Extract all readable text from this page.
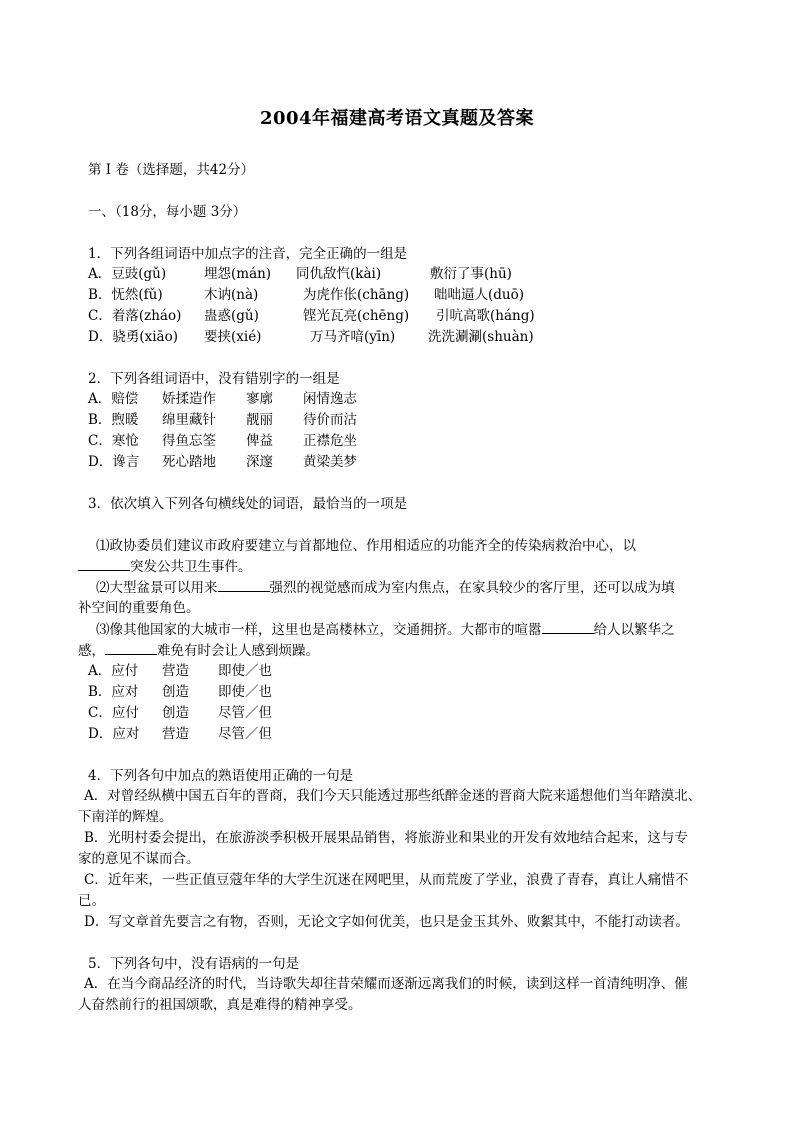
2004年福建高考语文真题及答案
第 I 卷（选择题，共42分）
一、（18分，每小题 3分）
1．下列各组词语中加点字的注音，完全正确的一组是
A．豆豉(gǔ)	埋怨(mán) 同仇敌忾(kài)	敷衍了事(hū)
B．怃然(fǔ)	木讷(nà)	为虎作伥(chāng) 咄咄逼人(duō)
C．着落(zháo) 蛊惑(gǔ)	铿光瓦亮(chēng) 引吭高歌(háng)
D．骁勇(xiāo) 要挟(xié)	万马齐喑(yīn) 洗洗涮涮(shuàn)
2．下列各组词语中，没有错别字的一组是
A．赔偿 娇揉造作 寥廓 闲情逸志
B．煦暖 绵里藏针 靓丽 待价而沽
C．寒怆 得鱼忘筌 俾益 正襟危坐
D．谗言 死心踏地 深邃 黄梁美梦
3．依次填入下列各句横线处的词语，最恰当的一项是
⑴政协委员们建议市政府要建立与首都地位、作用相适应的功能齐全的传染病救治中心，以
突发公共卫生事件。
⑵大型盆景可以用来	强烈的视觉感而成为室内焦点，在家具较少的客厅里，还可以成为填
补空间的重要角色。
⑶像其他国家的大城市一样，这里也是高楼林立，交通拥挤。大都市的喧嚣	给人以繁华之
感，	难免有时会让人感到烦躁。
A．应付 营造 即使／也
B．应对 创造 即使／也
C．应付 创造 尽管／但
D．应对 营造 尽管／但
4．下列各句中加点的熟语使用正确的一句是
A．对曾经纵横中国五百年的晋商，我们今天只能透过那些纸醉金迷的晋商大院来遥想他们当年踏漠北、
下南洋的辉煌。
B．光明村委会提出，在旅游淡季积极开展果品销售，将旅游业和果业的开发有效地结合起来，这与专
家的意见不谋而合。
C．近年来，一些正值豆蔻年华的大学生沉迷在网吧里，从而荒废了学业，浪费了青春，真让人痛惜不
已。
D．写文章首先要言之有物，否则，无论文字如何优美，也只是金玉其外、败絮其中，不能打动读者。
5．下列各句中，没有语病的一句是
A．在当今商品经济的时代，当诗歌失却往昔荣耀而逐渐远离我们的时候，读到这样一首清纯明净、催
人奋然前行的祖国颂歌，真是难得的精神享受。
